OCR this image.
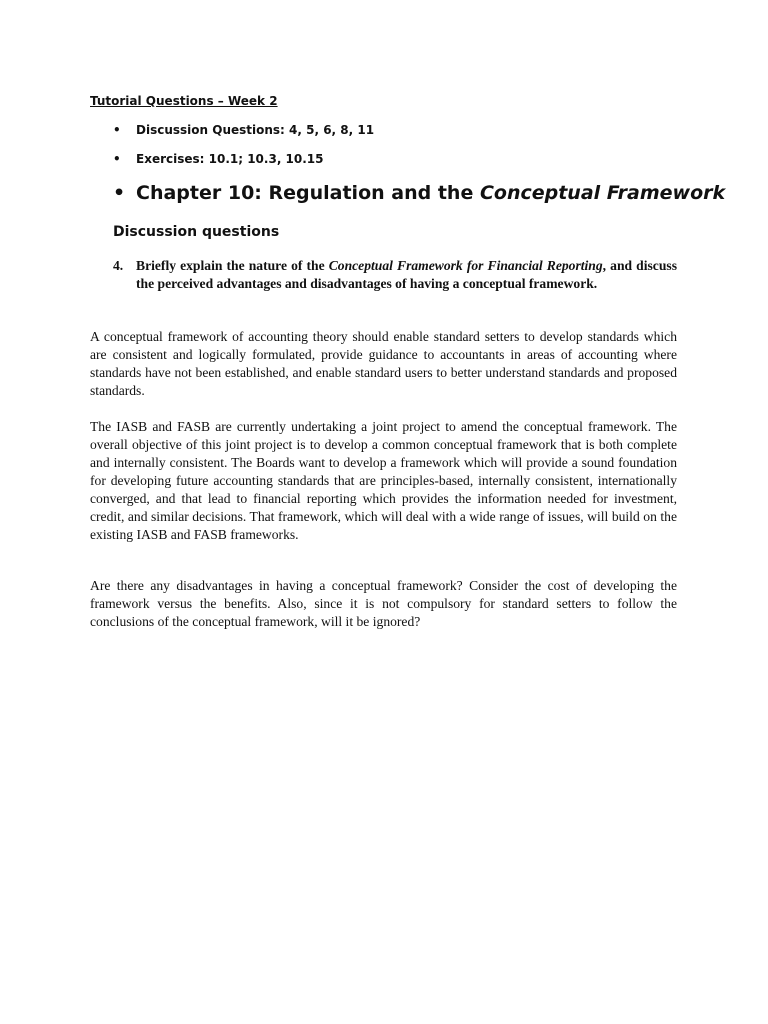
Tutorial Questions – Week 2
•	Discussion Questions: 4, 5, 6, 8, 11
•	Exercises: 10.1; 10.3, 10.15
• Chapter 10: Regulation and the Conceptual Framework
Discussion questions
4. Briefly explain the nature of the Conceptual Framework for Financial Reporting, and discuss the perceived advantages and disadvantages of having a conceptual framework.

A conceptual framework of accounting theory should enable standard setters to develop standards which are consistent and logically formulated, provide guidance to accountants in areas of accounting where standards have not been established, and enable standard users to better understand standards and proposed standards.

The IASB and FASB are currently undertaking a joint project to amend the conceptual framework. The overall objective of this joint project is to develop a common conceptual framework that is both complete and internally consistent. The Boards want to develop a framework which will provide a sound foundation for developing future accounting standards that are principles-based, internally consistent, internationally converged, and that lead to financial reporting which provides the information needed for investment, credit, and similar decisions. That framework, which will deal with a wide range of issues, will build on the existing IASB and FASB frameworks.

Are there any disadvantages in having a conceptual framework? Consider the cost of developing the framework versus the benefits. Also, since it is not compulsory for standard setters to follow the conclusions of the conceptual framework, will it be ignored?
